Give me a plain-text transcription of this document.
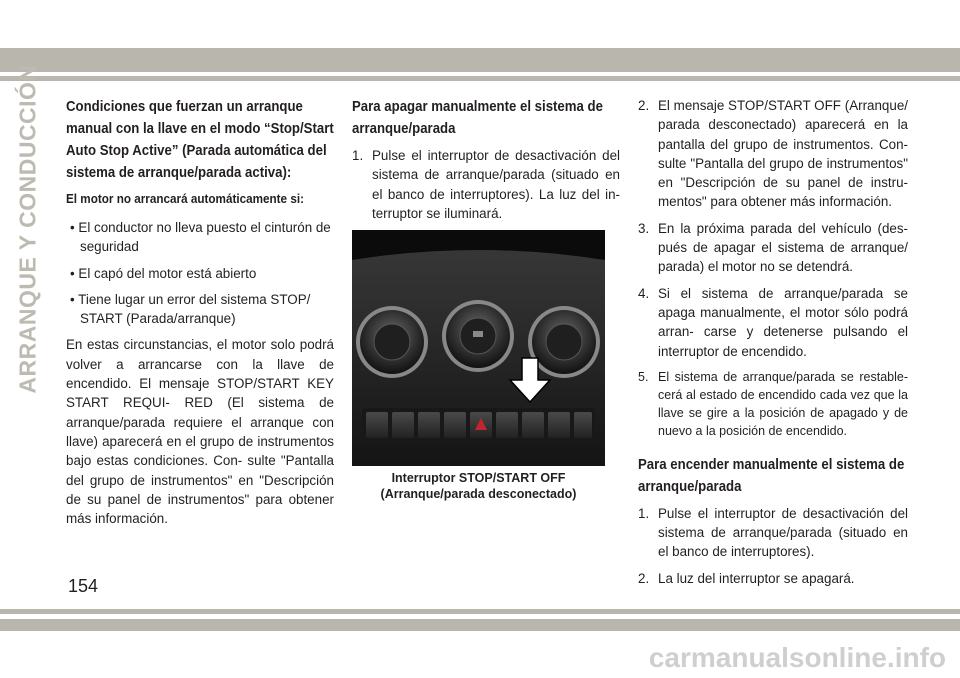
ARRANQUE Y CONDUCCIÓN Condiciones que fuerzan un arranque manual con la llave en el modo “Stop/Start Auto Stop Active” (Parada automática del sistema de arranque/parada activa):
El motor no arrancará automáticamente si:
• El conductor no lleva puesto el cinturón de seguridad
• El capó del motor está abierto
• Tiene lugar un error del sistema STOP/ START (Parada/arranque)

En estas circunstancias, el motor solo podrá volver a arrancarse con la llave de encendido. El mensaje STOP/START KEY START REQUI- RED (El sistema de arranque/parada requiere el arranque con llave) aparecerá en el grupo de instrumentos bajo estas condiciones. Con- sulte "Pantalla del grupo de instrumentos" en "Descripción de su panel de instrumentos" para obtener más información.

Para apagar manualmente el sistema de arranque/parada
1. Pulse el interruptor de desactivación del sistema de arranque/parada (situado en el banco de interruptores). La luz del in- terruptor se iluminará.
Interruptor STOP/START OFF
(Arranque/parada desconectado)
2. El mensaje STOP/START OFF (Arranque/ parada desconectado) aparecerá en la pantalla del grupo de instrumentos. Con- sulte "Pantalla del grupo de instrumentos" en "Descripción de su panel de instru- mentos" para obtener más información.
3. En la próxima parada del vehículo (des- pués de apagar el sistema de arranque/ parada) el motor no se detendrá.
4. Si el sistema de arranque/parada se apaga manualmente, el motor sólo podrá arran- carse y detenerse pulsando el interruptor de encendido.
5. El sistema de arranque/parada se restable- cerá al estado de encendido cada vez que la llave se gire a la posición de apagado y de nuevo a la posición de encendido.
Para encender manualmente el sistema de arranque/parada
1. Pulse el interruptor de desactivación del sistema de arranque/parada (situado en el banco de interruptores).
2. La luz del interruptor se apagará.
154
carmanualsonline.info
